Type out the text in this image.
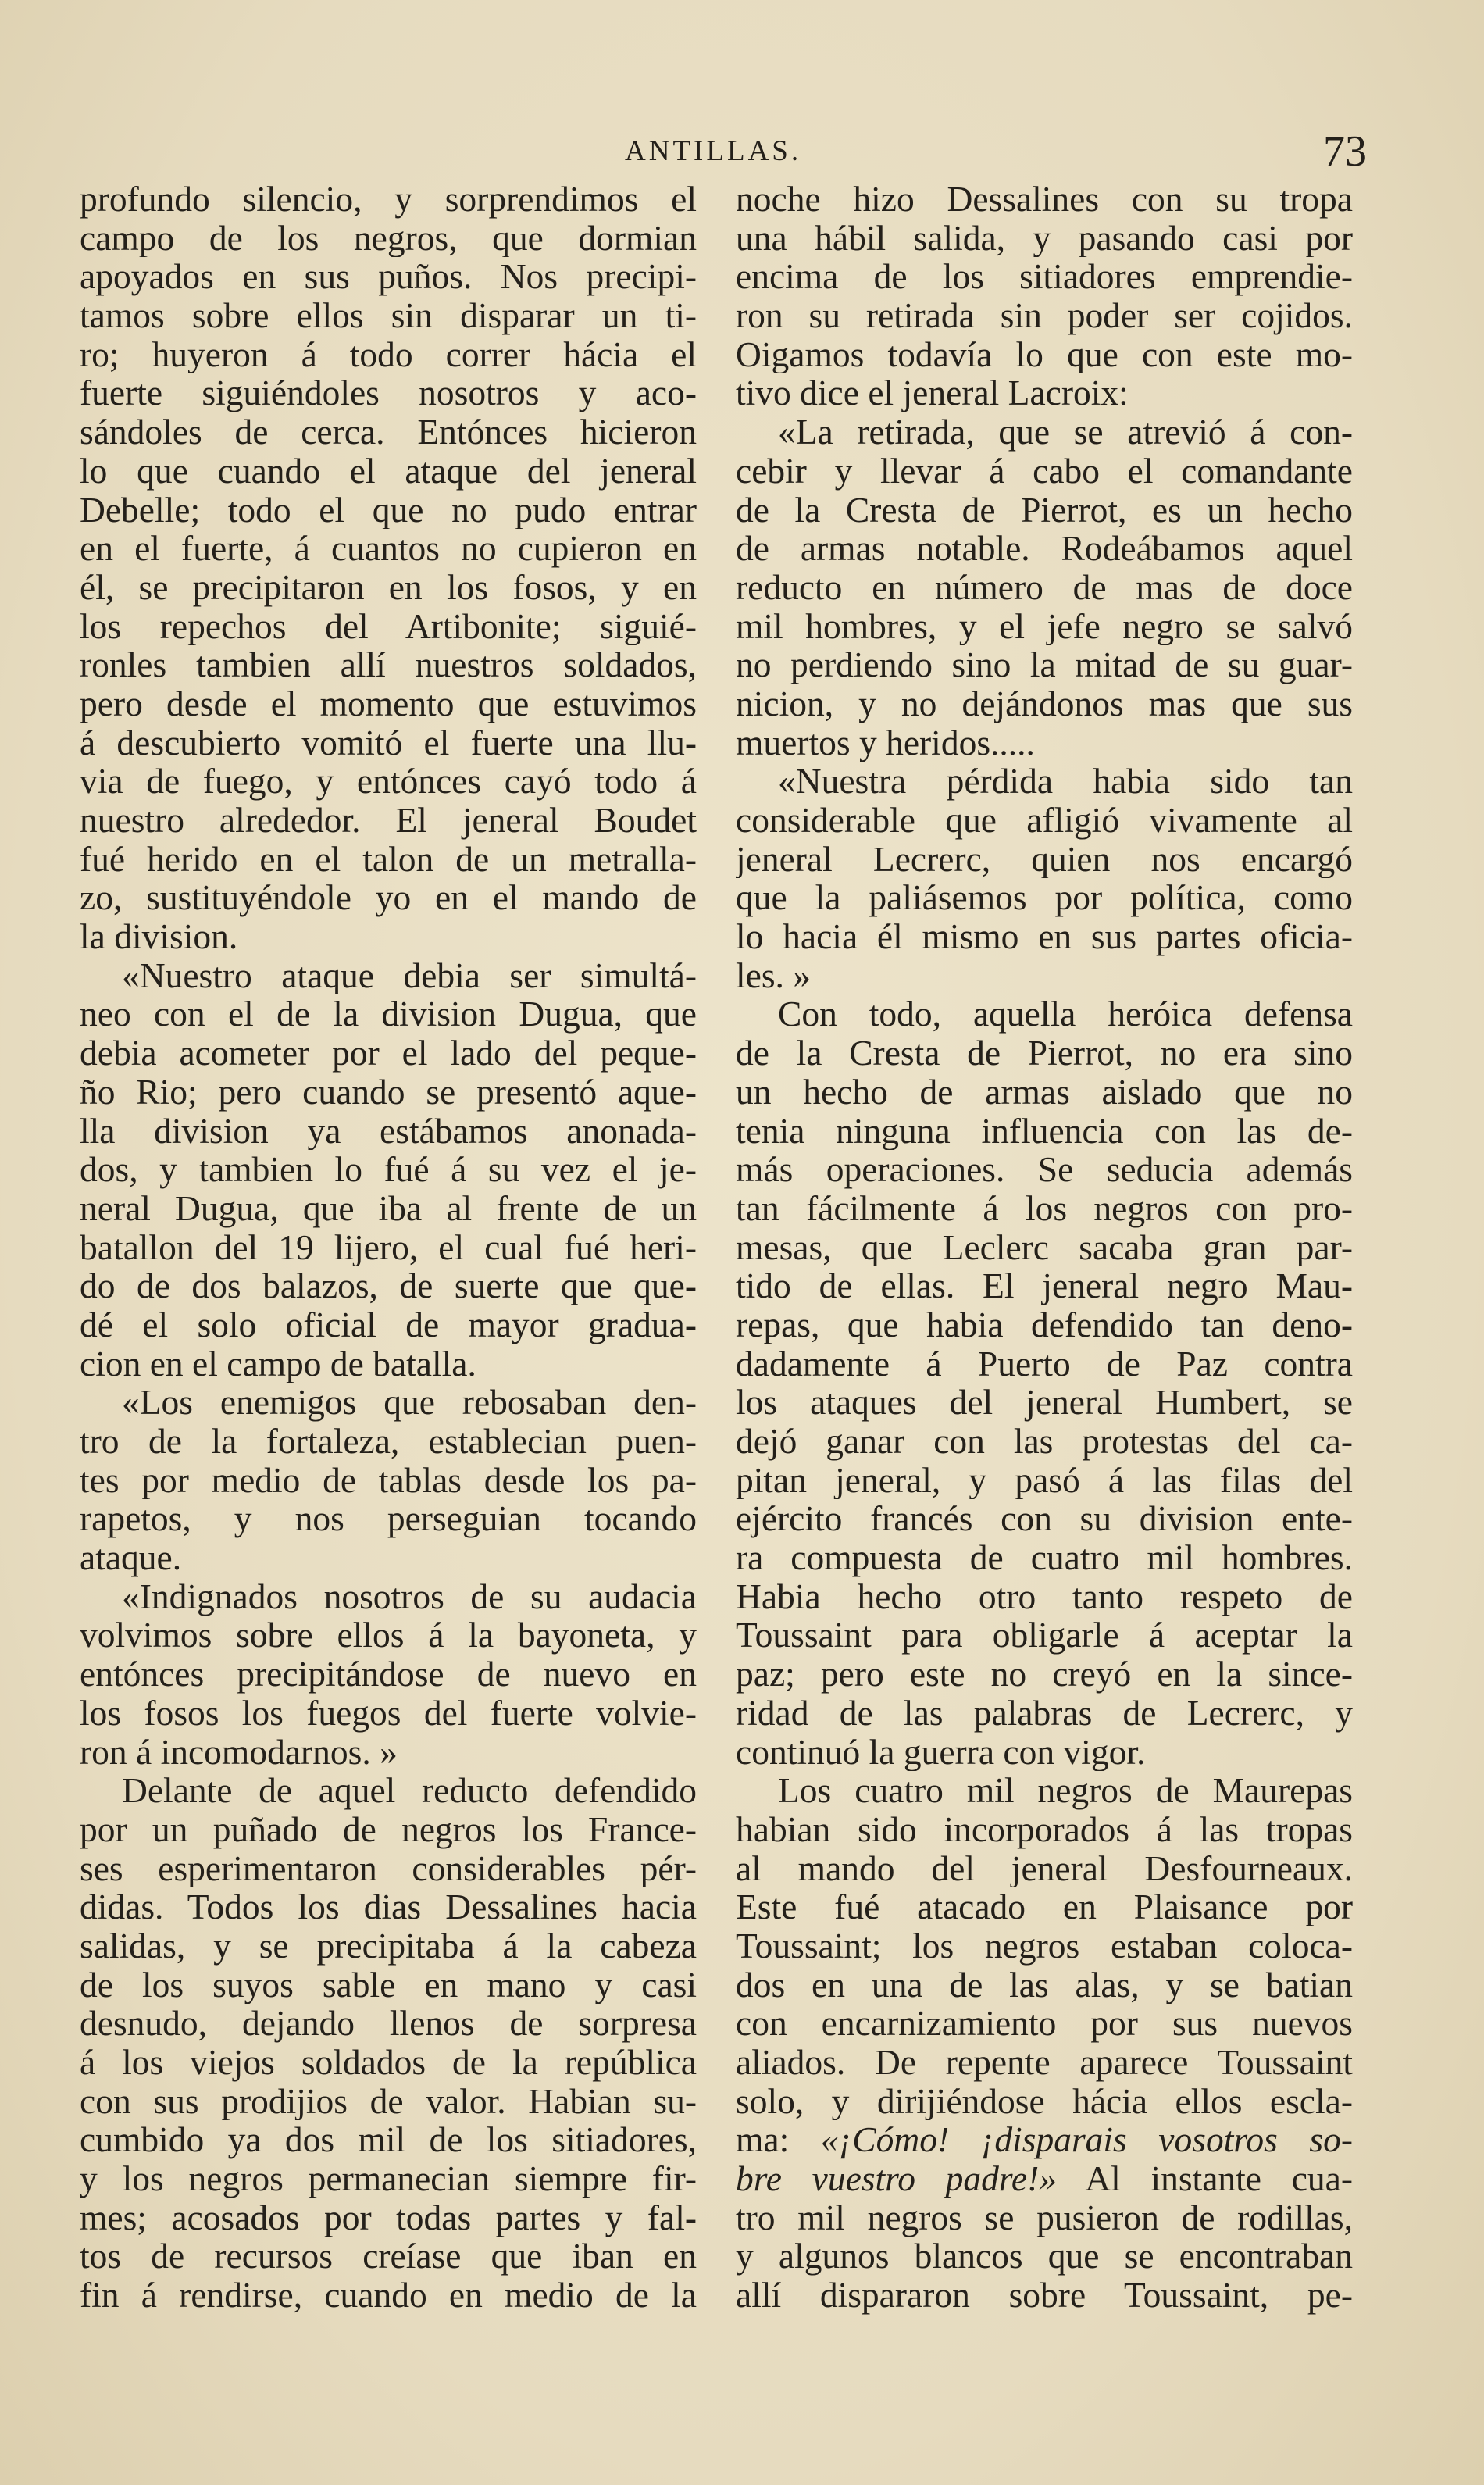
ANTILLAS.	73
profundo silencio, y sorprendimos el
campo de los negros, que dormian
apoyados en sus puños. Nos precipi-
tamos sobre ellos sin disparar un ti-
ro; huyeron á todo correr hácia el
fuerte siguiéndoles nosotros y aco-
sándoles de cerca. Entónces hicieron
lo que cuando el ataque del jeneral
Debelle; todo el que no pudo entrar
en el fuerte, á cuantos no cupieron en
él, se precipitaron en los fosos, y en
los repechos del Artibonite; siguié-
ronles tambien allí nuestros soldados,
pero desde el momento que estuvimos
á descubierto vomitó el fuerte una llu-
via de fuego, y entónces cayó todo á
nuestro alrededor. El jeneral Boudet
fué herido en el talon de un metralla-
zo, sustituyéndole yo en el mando de
la division.
«Nuestro ataque debia ser simultá-
neo con el de la division Dugua, que
debia acometer por el lado del peque-
ño Rio; pero cuando se presentó aque-
lla division ya estábamos anonada-
dos, y tambien lo fué á su vez el je-
neral Dugua, que iba al frente de un
batallon del 19 lijero, el cual fué heri-
do de dos balazos, de suerte que que-
dé el solo oficial de mayor gradua-
cion en el campo de batalla.
«Los enemigos que rebosaban den-
tro de la fortaleza, establecian puen-
tes por medio de tablas desde los pa-
rapetos, y nos perseguian tocando
ataque.
«Indignados nosotros de su audacia
volvimos sobre ellos á la bayoneta, y
entónces precipitándose de nuevo en
los fosos los fuegos del fuerte volvie-
ron á incomodarnos. »
Delante de aquel reducto defendido
por un puñado de negros los France-
ses esperimentaron considerables pér-
didas. Todos los dias Dessalines hacia
salidas, y se precipitaba á la cabeza
de los suyos sable en mano y casi
desnudo, dejando llenos de sorpresa
á los viejos soldados de la república
con sus prodijios de valor. Habian su-
cumbido ya dos mil de los sitiadores,
y los negros permanecian siempre fir-
mes; acosados por todas partes y fal-
tos de recursos creíase que iban en
fin á rendirse, cuando en medio de la
noche hizo Dessalines con su tropa
una hábil salida, y pasando casi por
encima de los sitiadores emprendie-
ron su retirada sin poder ser cojidos.
Oigamos todavía lo que con este mo-
tivo dice el jeneral Lacroix:
«La retirada, que se atrevió á con-
cebir y llevar á cabo el comandante
de la Cresta de Pierrot, es un hecho
de armas notable. Rodeábamos aquel
reducto en número de mas de doce
mil hombres, y el jefe negro se salvó
no perdiendo sino la mitad de su guar-
nicion, y no dejándonos mas que sus
muertos y heridos.....
«Nuestra pérdida habia sido tan
considerable que afligió vivamente al
jeneral Lecrerc, quien nos encargó
que la paliásemos por política, como
lo hacia él mismo en sus partes oficia-
les. »
Con todo, aquella heróica defensa
de la Cresta de Pierrot, no era sino
un hecho de armas aislado que no
tenia ninguna influencia con las de-
más operaciones. Se seducia además
tan fácilmente á los negros con pro-
mesas, que Leclerc sacaba gran par-
tido de ellas. El jeneral negro Mau-
repas, que habia defendido tan deno-
dadamente á Puerto de Paz contra
los ataques del jeneral Humbert, se
dejó ganar con las protestas del ca-
pitan jeneral, y pasó á las filas del
ejército francés con su division ente-
ra compuesta de cuatro mil hombres.
Habia hecho otro tanto respeto de
Toussaint para obligarle á aceptar la
paz; pero este no creyó en la since-
ridad de las palabras de Lecrerc, y
continuó la guerra con vigor.
Los cuatro mil negros de Maurepas
habian sido incorporados á las tropas
al mando del jeneral Desfourneaux.
Este fué atacado en Plaisance por
Toussaint; los negros estaban coloca-
dos en una de las alas, y se batian
con encarnizamiento por sus nuevos
aliados. De repente aparece Toussaint
solo, y dirijiéndose hácia ellos escla-
ma: «¡Cómo! ¡disparais vosotros so-
bre vuestro padre!» Al instante cua-
tro mil negros se pusieron de rodillas,
y algunos blancos que se encontraban
allí dispararon sobre Toussaint, pe-
